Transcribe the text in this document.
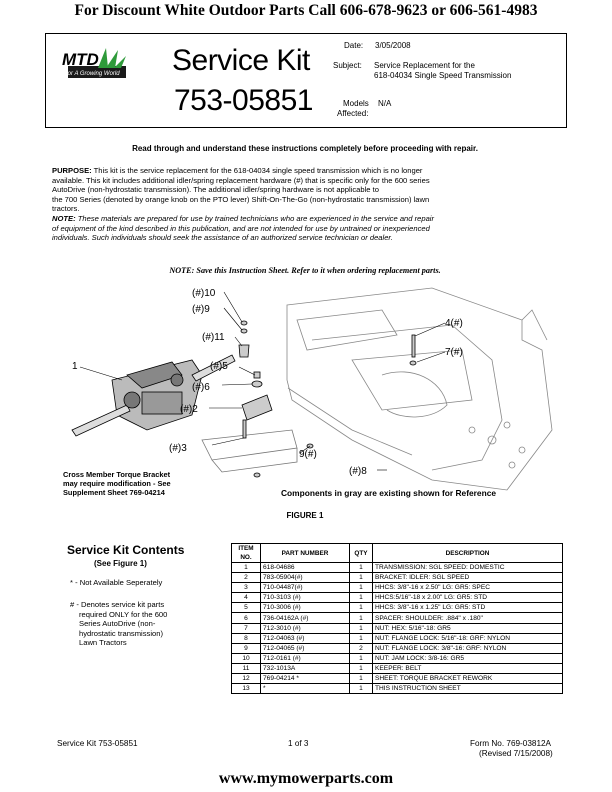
For Discount White Outdoor Parts Call 606-678-9623 or 606-561-4983
MTD
For A Growing World Service Kit
753-05851
Date: 3/05/2008
Subject: Service Replacement for the
618-04034 Single Speed Transmission
Models
Affected:
N/A
Read through and understand these instructions completely before proceeding with repair.
PURPOSE: This kit is the service replacement for the 618-04034 single speed transmission which is no longer
available. This kit includes additional idler/spring replacement hardware (#) that is specific only for the 600 series
AutoDrive (non-hydrostatic transmission). The additional idler/spring hardware is not applicable to
the 700 Series (denoted by orange knob on the PTO lever) Shift-On-The-Go (non-hydrostatic transmission) lawn
tractors.
NOTE: These materials are prepared for use by trained technicians who are experienced in the service and repair
of equipment of the kind described in this publication, and are not intended for use by untrained or inexperienced
individuals. Such individuals should seek the assistance of an authorized service technician or dealer.
NOTE: Save this Instruction Sheet. Refer to it when ordering replacement parts.
(#)10
(#)9
(#)11
(#)5
(#)6
(#)2
(#)3
1
4(#)
7(#)
9(#)
(#)8
Cross Member Torque Bracket
may require modification - See
Supplement Sheet 769-04214	Components in gray are existing shown for Reference
FIGURE 1
Service Kit Contents
(See Figure 1)
* - Not Available Seperately
# - Denotes service kit parts
required ONLY for the 600
Series AutoDrive (non-
hydrostatic transmission)
Lawn Tractors
ITEM NO.	PART NUMBER	QTY	DESCRIPTION
1	618-04686	1	TRANSMISSION: SGL SPEED: DOMESTIC
2	783-05904(#)	1	BRACKET: IDLER: SGL SPEED
3	710-04487(#)	1	HHCS: 3/8"-16 x 2.50" LG: GR5: SPEC
4	710-3103 (#)	1	HHCS:5/16"-18 x 2.00" LG: GR5: STD
5	710-3006 (#)	1	HHCS: 3/8"-16 x 1.25" LG: GR5: STD
6	736-04162A (#)	1	SPACER: SHOULDER: .884" x .180"
7	712-3010 (#)	1	NUT: HEX: 5/16"-18: GR5
8	712-04063 (#)	1	NUT: FLANGE LOCK: 5/16"-18: GRF: NYLON
9	712-04065 (#)	2	NUT: FLANGE LOCK: 3/8"-16: GRF: NYLON
10	712-0161 (#)	1	NUT: JAM LOCK: 3/8-16: GR5
11	732-1013A	1	KEEPER: BELT
12	769-04214 *	1	SHEET: TORQUE BRACKET REWORK
13	*	1	THIS INSTRUCTION SHEET
Service Kit 753-05851	1 of 3	Form No. 769-03812A
(Revised 7/15/2008)
www.mymowerparts.com
